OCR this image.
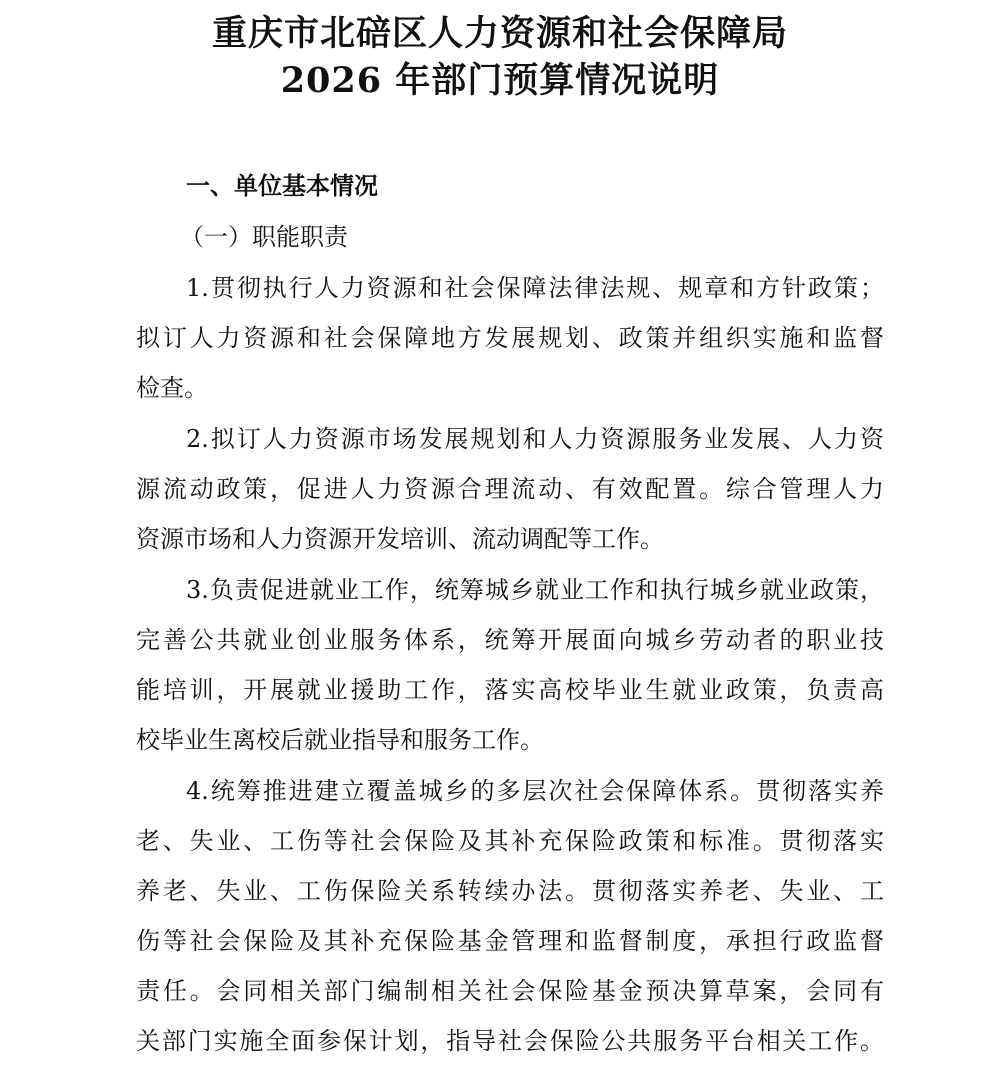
重庆市北碚区人力资源和社会保障局
2026 年部门预算情况说明
一、单位基本情况
（一）职能职责
1.贯彻执行人力资源和社会保障法律法规、规章和方针政策；
拟订人力资源和社会保障地方发展规划、政策并组织实施和监督
检查。
2.拟订人力资源市场发展规划和人力资源服务业发展、人力资
源流动政策，促进人力资源合理流动、有效配置。综合管理人力
资源市场和人力资源开发培训、流动调配等工作。
3.负责促进就业工作，统筹城乡就业工作和执行城乡就业政策，
完善公共就业创业服务体系，统筹开展面向城乡劳动者的职业技
能培训，开展就业援助工作，落实高校毕业生就业政策，负责高
校毕业生离校后就业指导和服务工作。
4.统筹推进建立覆盖城乡的多层次社会保障体系。贯彻落实养
老、失业、工伤等社会保险及其补充保险政策和标准。贯彻落实
养老、失业、工伤保险关系转续办法。贯彻落实养老、失业、工
伤等社会保险及其补充保险基金管理和监督制度，承担行政监督
责任。会同相关部门编制相关社会保险基金预决算草案，会同有
关部门实施全面参保计划，指导社会保险公共服务平台相关工作。
